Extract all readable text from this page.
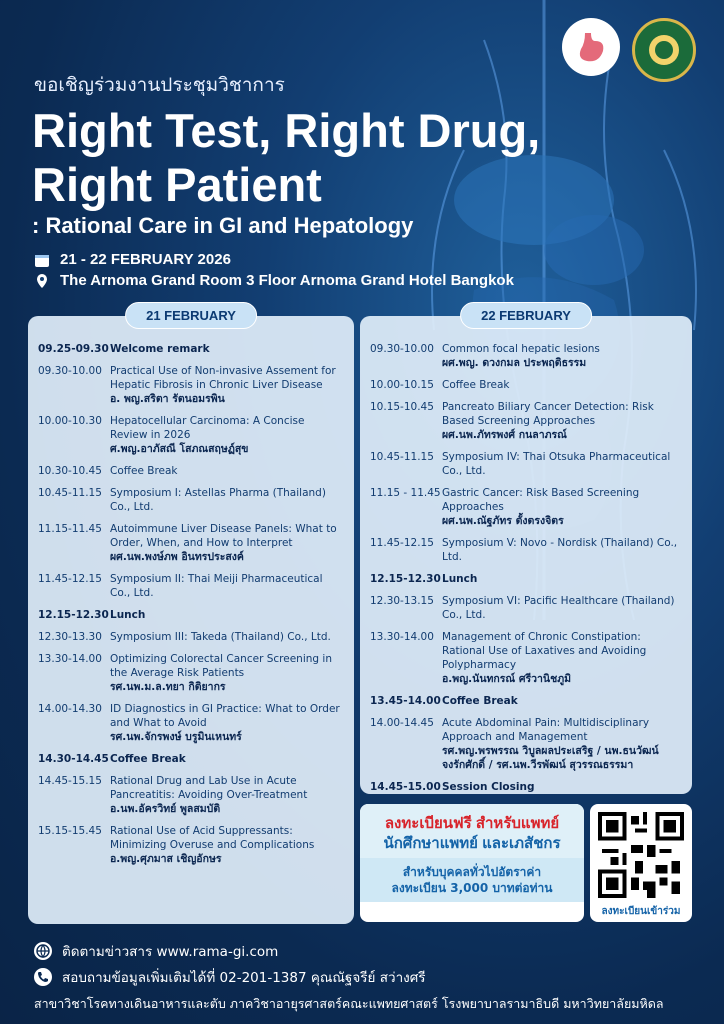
ขอเชิญร่วมงานประชุมวิชาการ
Right Test, Right Drug,
Right Patient
: Rational Care in GI and Hepatology
21 - 22 FEBRUARY 2026
The Arnoma Grand Room 3 Floor Arnoma Grand Hotel Bangkok
21 FEBRUARY
09.25-09.30 Welcome remark
09.30-10.00 Practical Use of Non-invasive Assement for Hepatic Fibrosis in Chronic Liver Disease
อ. พญ.สริตา รัตนอมรพิน
10.00-10.30 Hepatocellular Carcinoma: A Concise Review in 2026
ศ.พญ.อาภัสณี โสภณสฤษฏ์สุข
10.30-10.45 Coffee Break
10.45-11.15 Symposium I: Astellas Pharma (Thailand) Co., Ltd.
11.15-11.45 Autoimmune Liver Disease Panels: What to Order, When, and How to Interpret
ผศ.นพ.พงษ์ภพ อินทรประสงค์
11.45-12.15 Symposium II: Thai Meiji Pharmaceutical Co., Ltd.
12.15-12.30 Lunch
12.30-13.30 Symposium III: Takeda (Thailand) Co., Ltd.
13.30-14.00 Optimizing Colorectal Cancer Screening in the Average Risk Patients
รศ.นพ.ม.ล.ทยา กิติยากร
14.00-14.30 ID Diagnostics in GI Practice: What to Order and What to Avoid
รศ.นพ.จักรพงษ์ บรูมินเหนทร์
14.30-14.45 Coffee Break
14.45-15.15 Rational Drug and Lab Use in Acute Pancreatitis: Avoiding Over-Treatment
อ.นพ.อัครวิทย์ พูลสมบัติ
15.15-15.45 Rational Use of Acid Suppressants: Minimizing Overuse and Complications
อ.พญ.ศุภมาส เชิญอักษร
22 FEBRUARY
09.30-10.00 Common focal hepatic lesions
ผศ.พญ. ดวงกมล ประพฤติธรรม
10.00-10.15 Coffee Break
10.15-10.45 Pancreato Biliary Cancer Detection: Risk Based Screening Approaches
ผศ.นพ.ภัทรพงศ์ กนลาภรณ์
10.45-11.15 Symposium IV: Thai Otsuka Pharmaceutical Co., Ltd.
11.15 - 11.45 Gastric Cancer: Risk Based Screening Approaches
ผศ.นพ.ณัฐภัทร ตั้งตรงจิตร
11.45-12.15 Symposium V: Novo - Nordisk (Thailand) Co., Ltd.
12.15-12.30 Lunch
12.30-13.15 Symposium VI: Pacific Healthcare (Thailand) Co., Ltd.
13.30-14.00 Management of Chronic Constipation: Rational Use of Laxatives and Avoiding Polypharmacy
อ.พญ.นันทกรณ์ ศรีวานิชภูมิ
13.45-14.00 Coffee Break
14.00-14.45 Acute Abdominal Pain: Multidisciplinary Approach and Management
รศ.พญ.พรพรรณ วิบูลผลประเสริฐ / นพ.ธนวัฒน์ จงรักศักดิ์ / รศ.นพ.วีรพัฒน์ สุวรรณธรรมา
14.45-15.00 Session Closing
ลงทะเบียนฟรี สำหรับแพทย์
นักศึกษาแพทย์ และเภสัชกร
สำหรับบุคคลทั่วไปอัตราค่า
ลงทะเบียน 3,000 บาทต่อท่าน
ลงทะเบียนเข้าร่วม
ติดตามข่าวสาร www.rama-gi.com
สอบถามข้อมูลเพิ่มเติมได้ที่ 02-201-1387 คุณณัฐจรีย์ สว่างศรี
สาขาวิชาโรคทางเดินอาหารและตับ ภาควิชาอายุรศาสตร์คณะแพทยศาสตร์ โรงพยาบาลรามาธิบดี มหาวิทยาลัยมหิดล
